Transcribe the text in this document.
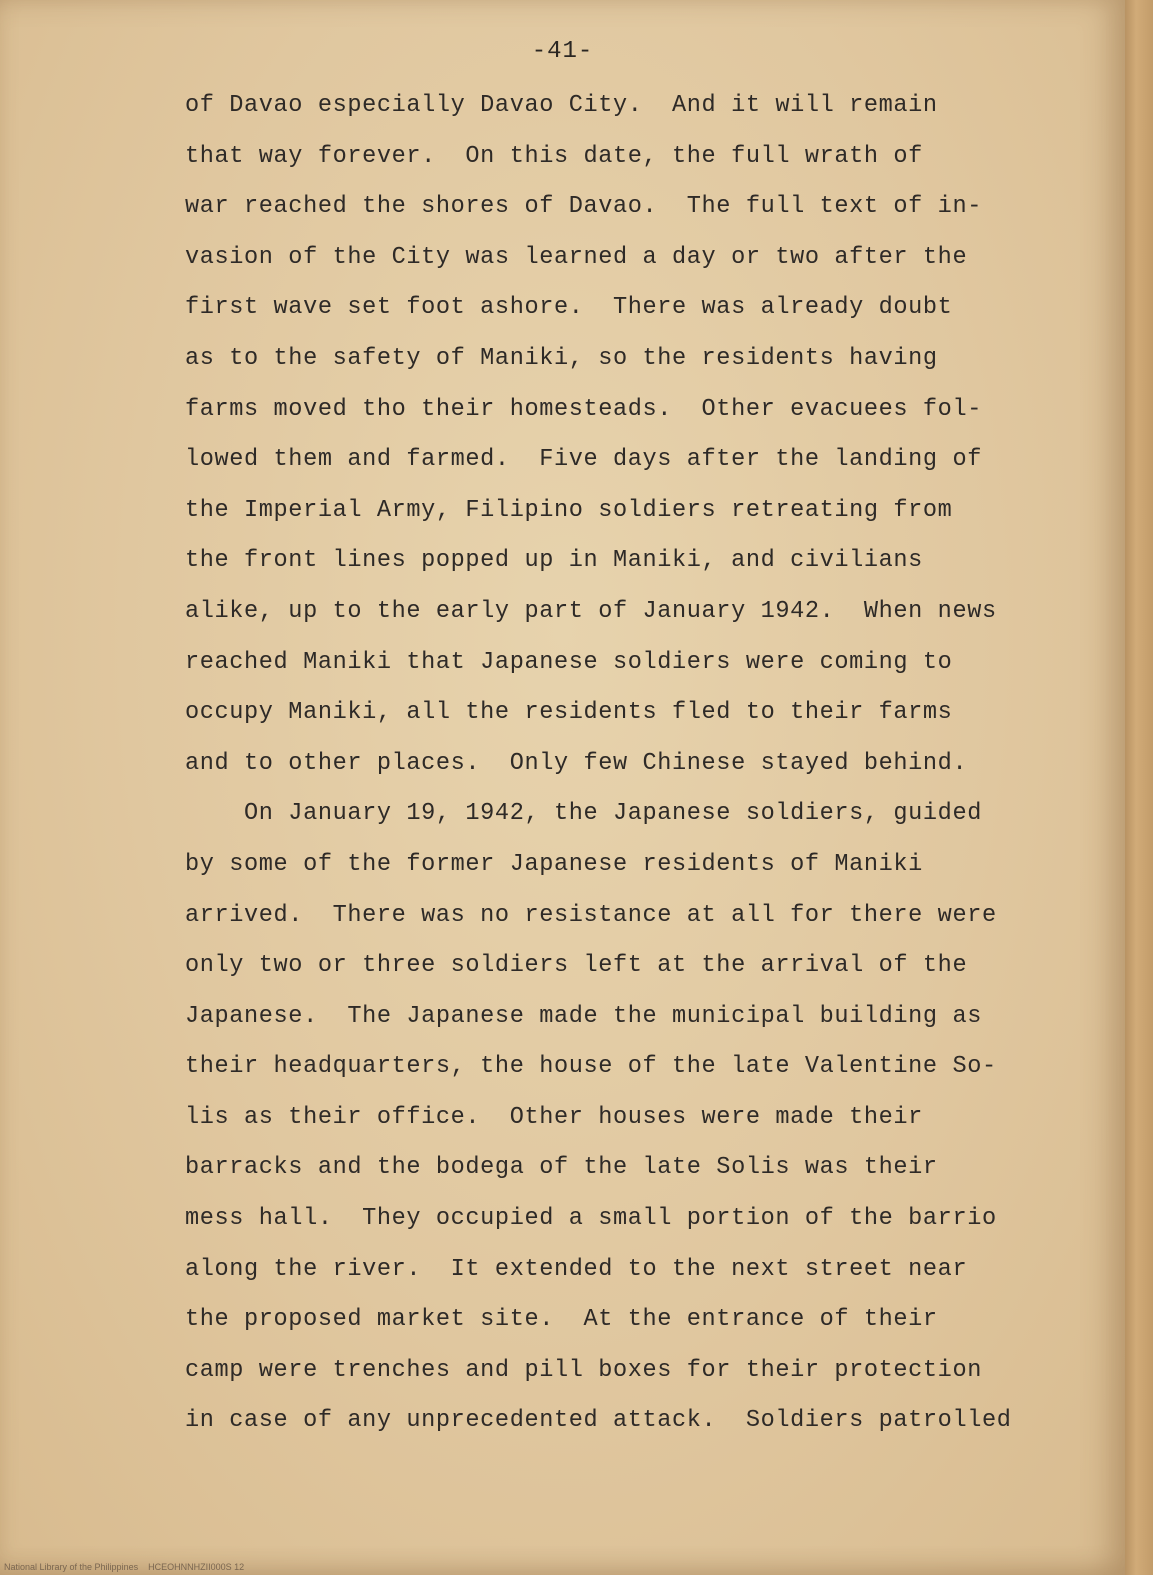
-41-
of Davao especially Davao City.  And it will remain
that way forever.  On this date, the full wrath of
war reached the shores of Davao.  The full text of in-
vasion of the City was learned a day or two after the
first wave set foot ashore.  There was already doubt
as to the safety of Maniki, so the residents having
farms moved tho their homesteads.  Other evacuees fol-
lowed them and farmed.  Five days after the landing of
the Imperial Army, Filipino soldiers retreating from
the front lines popped up in Maniki, and civilians
alike, up to the early part of January 1942.  When news
reached Maniki that Japanese soldiers were coming to
occupy Maniki, all the residents fled to their farms
and to other places.  Only few Chinese stayed behind.
On January 19, 1942, the Japanese soldiers, guided
by some of the former Japanese residents of Maniki
arrived.  There was no resistance at all for there were
only two or three soldiers left at the arrival of the
Japanese.  The Japanese made the municipal building as
their headquarters, the house of the late Valentine So-
lis as their office.  Other houses were made their
barracks and the bodega of the late Solis was their
mess hall.  They occupied a small portion of the barrio
along the river.  It extended to the next street near
the proposed market site.  At the entrance of their
camp were trenches and pill boxes for their protection
in case of any unprecedented attack.  Soldiers patrolled
National Library of the Philippines    HCEOHNNHZII000S 12
